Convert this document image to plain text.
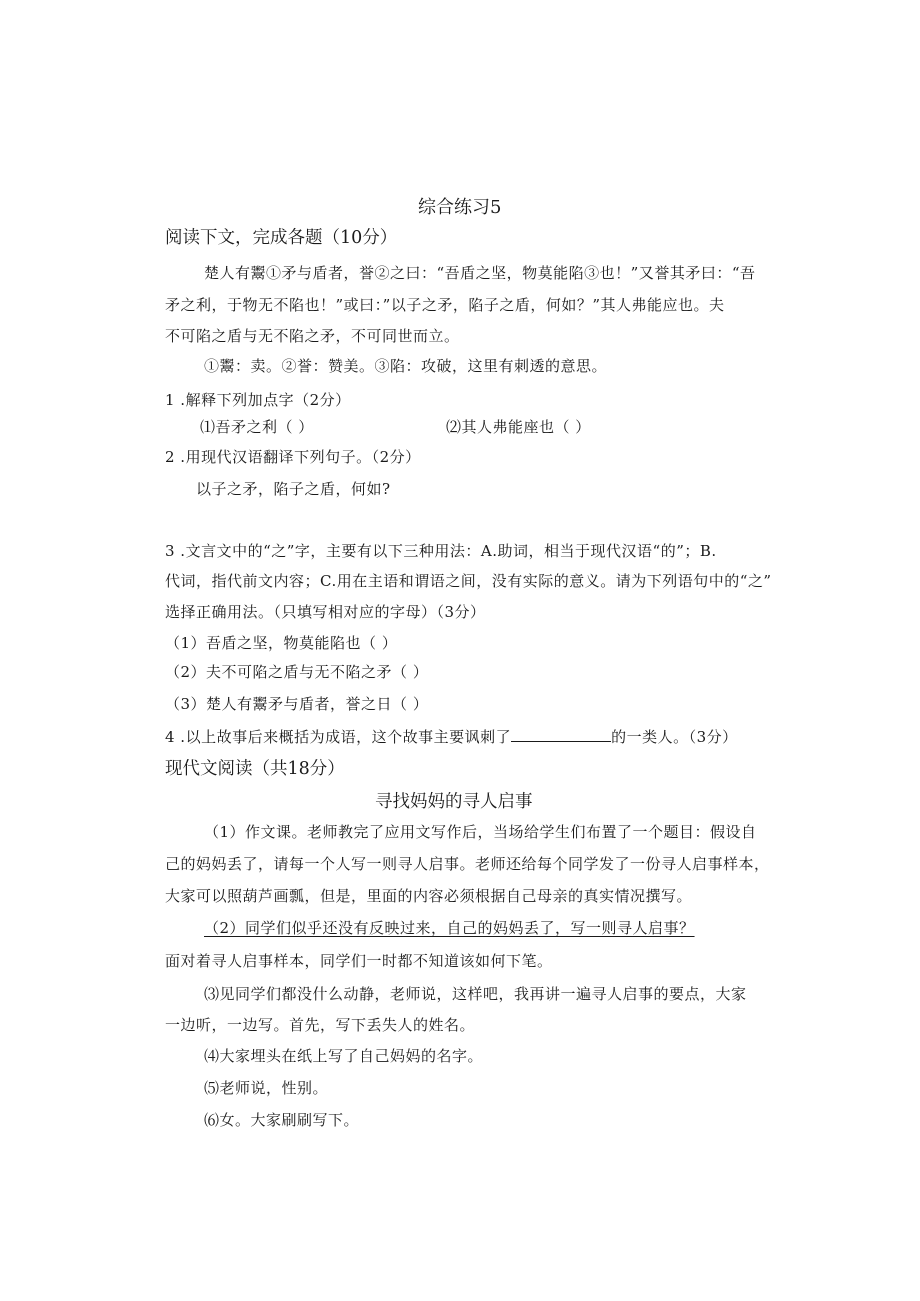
综合练习5
阅读下文，完成各题（10分）
楚人有鬻①矛与盾者，誉②之曰：“吾盾之坚，物莫能陷③也！”又誉其矛曰：“吾
矛之利，于物无不陷也！”或曰：”以子之矛，陷子之盾，何如？”其人弗能应也。夫
不可陷之盾与无不陷之矛，不可同世而立。
①鬻：卖。②誉：赞美。③陷：攻破，这里有刺透的意思。
1 .解释下列加点字（2分）
⑴吾矛之利（ ）	⑵其人弗能座也（ ）
2 .用现代汉语翻译下列句子。（2分）
以子之矛，陷子之盾，何如?
3 .文言文中的“之”字，主要有以下三种用法：A.助词，相当于现代汉语“的”；B.
代词，指代前文内容；C.用在主语和谓语之间，没有实际的意义。请为下列语句中的“之”
选择正确用法。（只填写相对应的字母）（3分）
（1）吾盾之坚，物莫能陷也（ ）
（2）夫不可陷之盾与无不陷之矛（ ）
（3）楚人有鬻矛与盾者，誉之日（ ）
4 .以上故事后来概括为成语，这个故事主要讽刺了	的一类人。（3分）
现代文阅读（共18分）
寻找妈妈的寻人启事
（1）作文课。老师教完了应用文写作后，当场给学生们布置了一个题目：假设自
己的妈妈丢了，请每一个人写一则寻人启事。老师还给每个同学发了一份寻人启事样本，
大家可以照葫芦画瓢，但是，里面的内容必须根据自己母亲的真实情况撰写。
（2）同学们似乎还没有反映过来，自己的妈妈丢了，写一则寻人启事？
面对着寻人启事样本，同学们一时都不知道该如何下笔。
⑶见同学们都没什么动静，老师说，这样吧，我再讲一遍寻人启事的要点，大家
一边听，一边写。首先，写下丢失人的姓名。
⑷大家埋头在纸上写了自己妈妈的名字。
⑸老师说，性别。
⑹女。大家刷刷写下。
